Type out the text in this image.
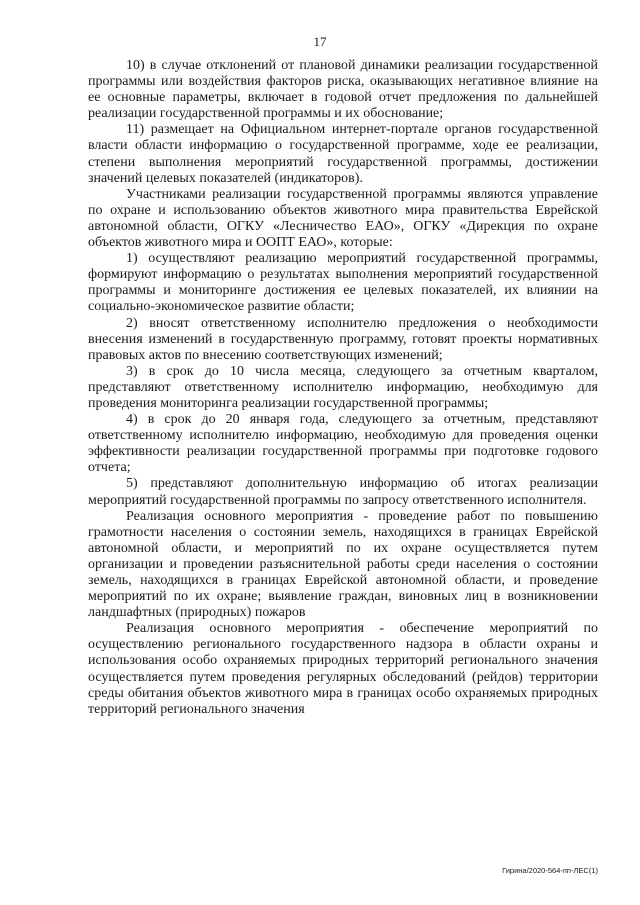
17

10) в случае отклонений от плановой динамики реализации государственной программы или воздействия факторов риска, оказывающих негативное влияние на ее основные параметры, включает в годовой отчет предложения по дальнейшей реализации государственной программы и их обоснование;

11) размещает на Официальном интернет-портале органов государственной власти области информацию о государственной программе, ходе ее реализации, степени выполнения мероприятий государственной программы, достижении значений целевых показателей (индикаторов).

Участниками реализации государственной программы являются управление по охране и использованию объектов животного мира правительства Еврейской автономной области, ОГКУ «Лесничество ЕАО», ОГКУ «Дирекция по охране объектов животного мира и ООПТ ЕАО», которые:

1) осуществляют реализацию мероприятий государственной программы, формируют информацию о результатах выполнения мероприятий государственной программы и мониторинге достижения ее целевых показателей, их влиянии на социально-экономическое развитие области;

2) вносят ответственному исполнителю предложения о необходимости внесения изменений в государственную программу, готовят проекты нормативных правовых актов по внесению соответствующих изменений;

3) в срок до 10 числа месяца, следующего за отчетным кварталом, представляют ответственному исполнителю информацию, необходимую для проведения мониторинга реализации государственной программы;

4) в срок до 20 января года, следующего за отчетным, представляют ответственному исполнителю информацию, необходимую для проведения оценки эффективности реализации государственной программы при подготовке годового отчета;

5) представляют дополнительную информацию об итогах реализации мероприятий государственной программы по запросу ответственного исполнителя.

Реализация основного мероприятия - проведение работ по повышению грамотности населения о состоянии земель, находящихся в границах Еврейской автономной области, и мероприятий по их охране осуществляется путем организации и проведении разъяснительной работы среди населения о состоянии земель, находящихся в границах Еврейской автономной области, и проведение мероприятий по их охране; выявление граждан, виновных лиц в возникновении ландшафтных (природных) пожаров

Реализация основного мероприятия - обеспечение мероприятий по осуществлению регионального государственного надзора в области охраны и использования особо охраняемых природных территорий регионального значения осуществляется путем проведения регулярных обследований (рейдов) территории среды обитания объектов животного мира в границах особо охраняемых природных территорий регионального значения

Гирина/2020-564-пп-ЛЕС(1)
